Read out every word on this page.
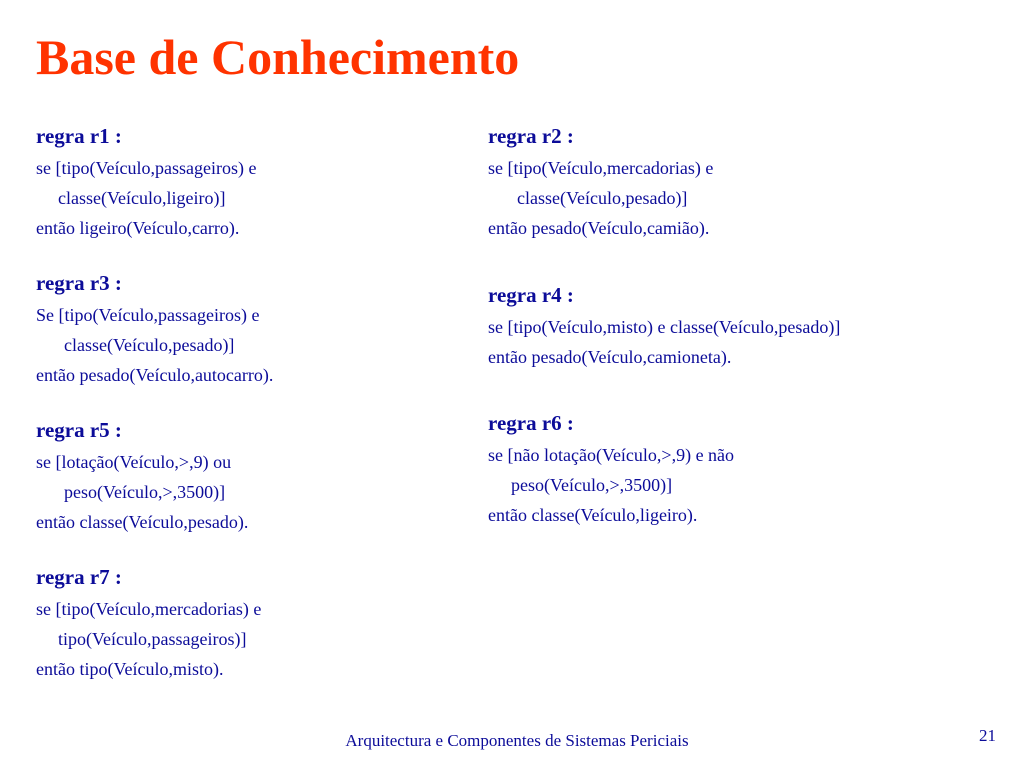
Base de Conhecimento
regra r1 :
se [tipo(Veículo,passageiros) e
classe(Veículo,ligeiro)]
então ligeiro(Veículo,carro).
regra r2 :
se [tipo(Veículo,mercadorias) e
classe(Veículo,pesado)]
então pesado(Veículo,camião).
regra r3 :
Se [tipo(Veículo,passageiros) e
classe(Veículo,pesado)]
então pesado(Veículo,autocarro).
regra r4 :
se [tipo(Veículo,misto) e classe(Veículo,pesado)]
então pesado(Veículo,camioneta).
regra r5 :
se [lotação(Veículo,>,9) ou
peso(Veículo,>,3500)]
então classe(Veículo,pesado).
regra r6 :
se [não lotação(Veículo,>,9) e não
peso(Veículo,>,3500)]
então classe(Veículo,ligeiro).
regra r7 :
se [tipo(Veículo,mercadorias) e
tipo(Veículo,passageiros)]
então tipo(Veículo,misto).
Arquitectura e Componentes de Sistemas Periciais	21
